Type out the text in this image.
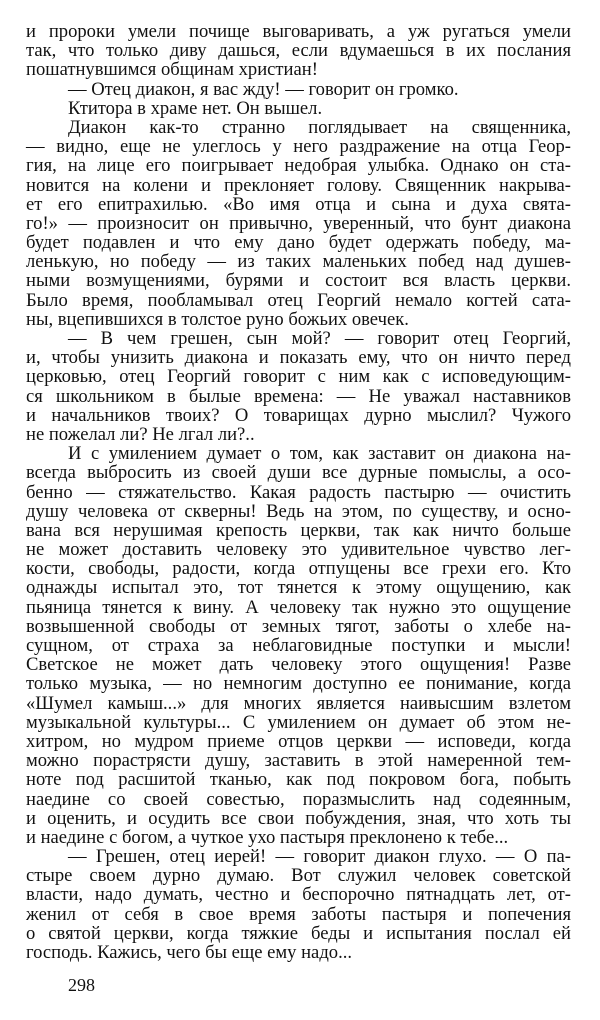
и пророки умели почище выговаривать, а уж ругаться умели
так, что только диву дашься, если вдумаешься в их послания
пошатнувшимся общинам христиан!
— Отец диакон, я вас жду! — говорит он громко.
Ктитора в храме нет. Он вышел.
Диакон как-то странно поглядывает на священника,
— видно, еще не улеглось у него раздражение на отца Геор-
гия, на лице его поигрывает недобрая улыбка. Однако он ста-
новится на колени и преклоняет голову. Священник накрыва-
ет его епитрахилью. «Во имя отца и сына и духа свята-
го!» — произносит он привычно, уверенный, что бунт диакона
будет подавлен и что ему дано будет одержать победу, ма-
ленькую, но победу — из таких маленьких побед над душев-
ными возмущениями, бурями и состоит вся власть церкви.
Было время, пообламывал отец Георгий немало когтей сата-
ны, вцепившихся в толстое руно божьих овечек.
— В чем грешен, сын мой? — говорит отец Георгий,
и, чтобы унизить диакона и показать ему, что он ничто перед
церковью, отец Георгий говорит с ним как с исповедующим-
ся школьником в былые времена: — Не уважал наставников
и начальников твоих? О товарищах дурно мыслил? Чужого
не пожелал ли? Не лгал ли?..
И с умилением думает о том, как заставит он диакона на-
всегда выбросить из своей души все дурные помыслы, а осо-
бенно — стяжательство. Какая радость пастырю — очистить
душу человека от скверны! Ведь на этом, по существу, и осно-
вана вся нерушимая крепость церкви, так как ничто больше
не может доставить человеку это удивительное чувство лег-
кости, свободы, радости, когда отпущены все грехи его. Кто
однажды испытал это, тот тянется к этому ощущению, как
пьяница тянется к вину. А человеку так нужно это ощущение
возвышенной свободы от земных тягот, заботы о хлебе на-
сущном, от страха за неблаговидные поступки и мысли!
Светское не может дать человеку этого ощущения! Разве
только музыка, — но немногим доступно ее понимание, когда
«Шумел камыш...» для многих является наивысшим взлетом
музыкальной культуры... С умилением он думает об этом не-
хитром, но мудром приеме отцов церкви — исповеди, когда
можно порастрясти душу, заставить в этой намеренной тем-
ноте под расшитой тканью, как под покровом бога, побыть
наедине со своей совестью, поразмыслить над содеянным,
и оценить, и осудить все свои побуждения, зная, что хоть ты
и наедине с богом, а чуткое ухо пастыря преклонено к тебе...
— Грешен, отец иерей! — говорит диакон глухо. — О па-
стыре своем дурно думаю. Вот служил человек советской
власти, надо думать, честно и беспорочно пятнадцать лет, от-
женил от себя в свое время заботы пастыря и попечения
о святой церкви, когда тяжкие беды и испытания послал ей
господь. Кажись, чего бы еще ему надо...
298
